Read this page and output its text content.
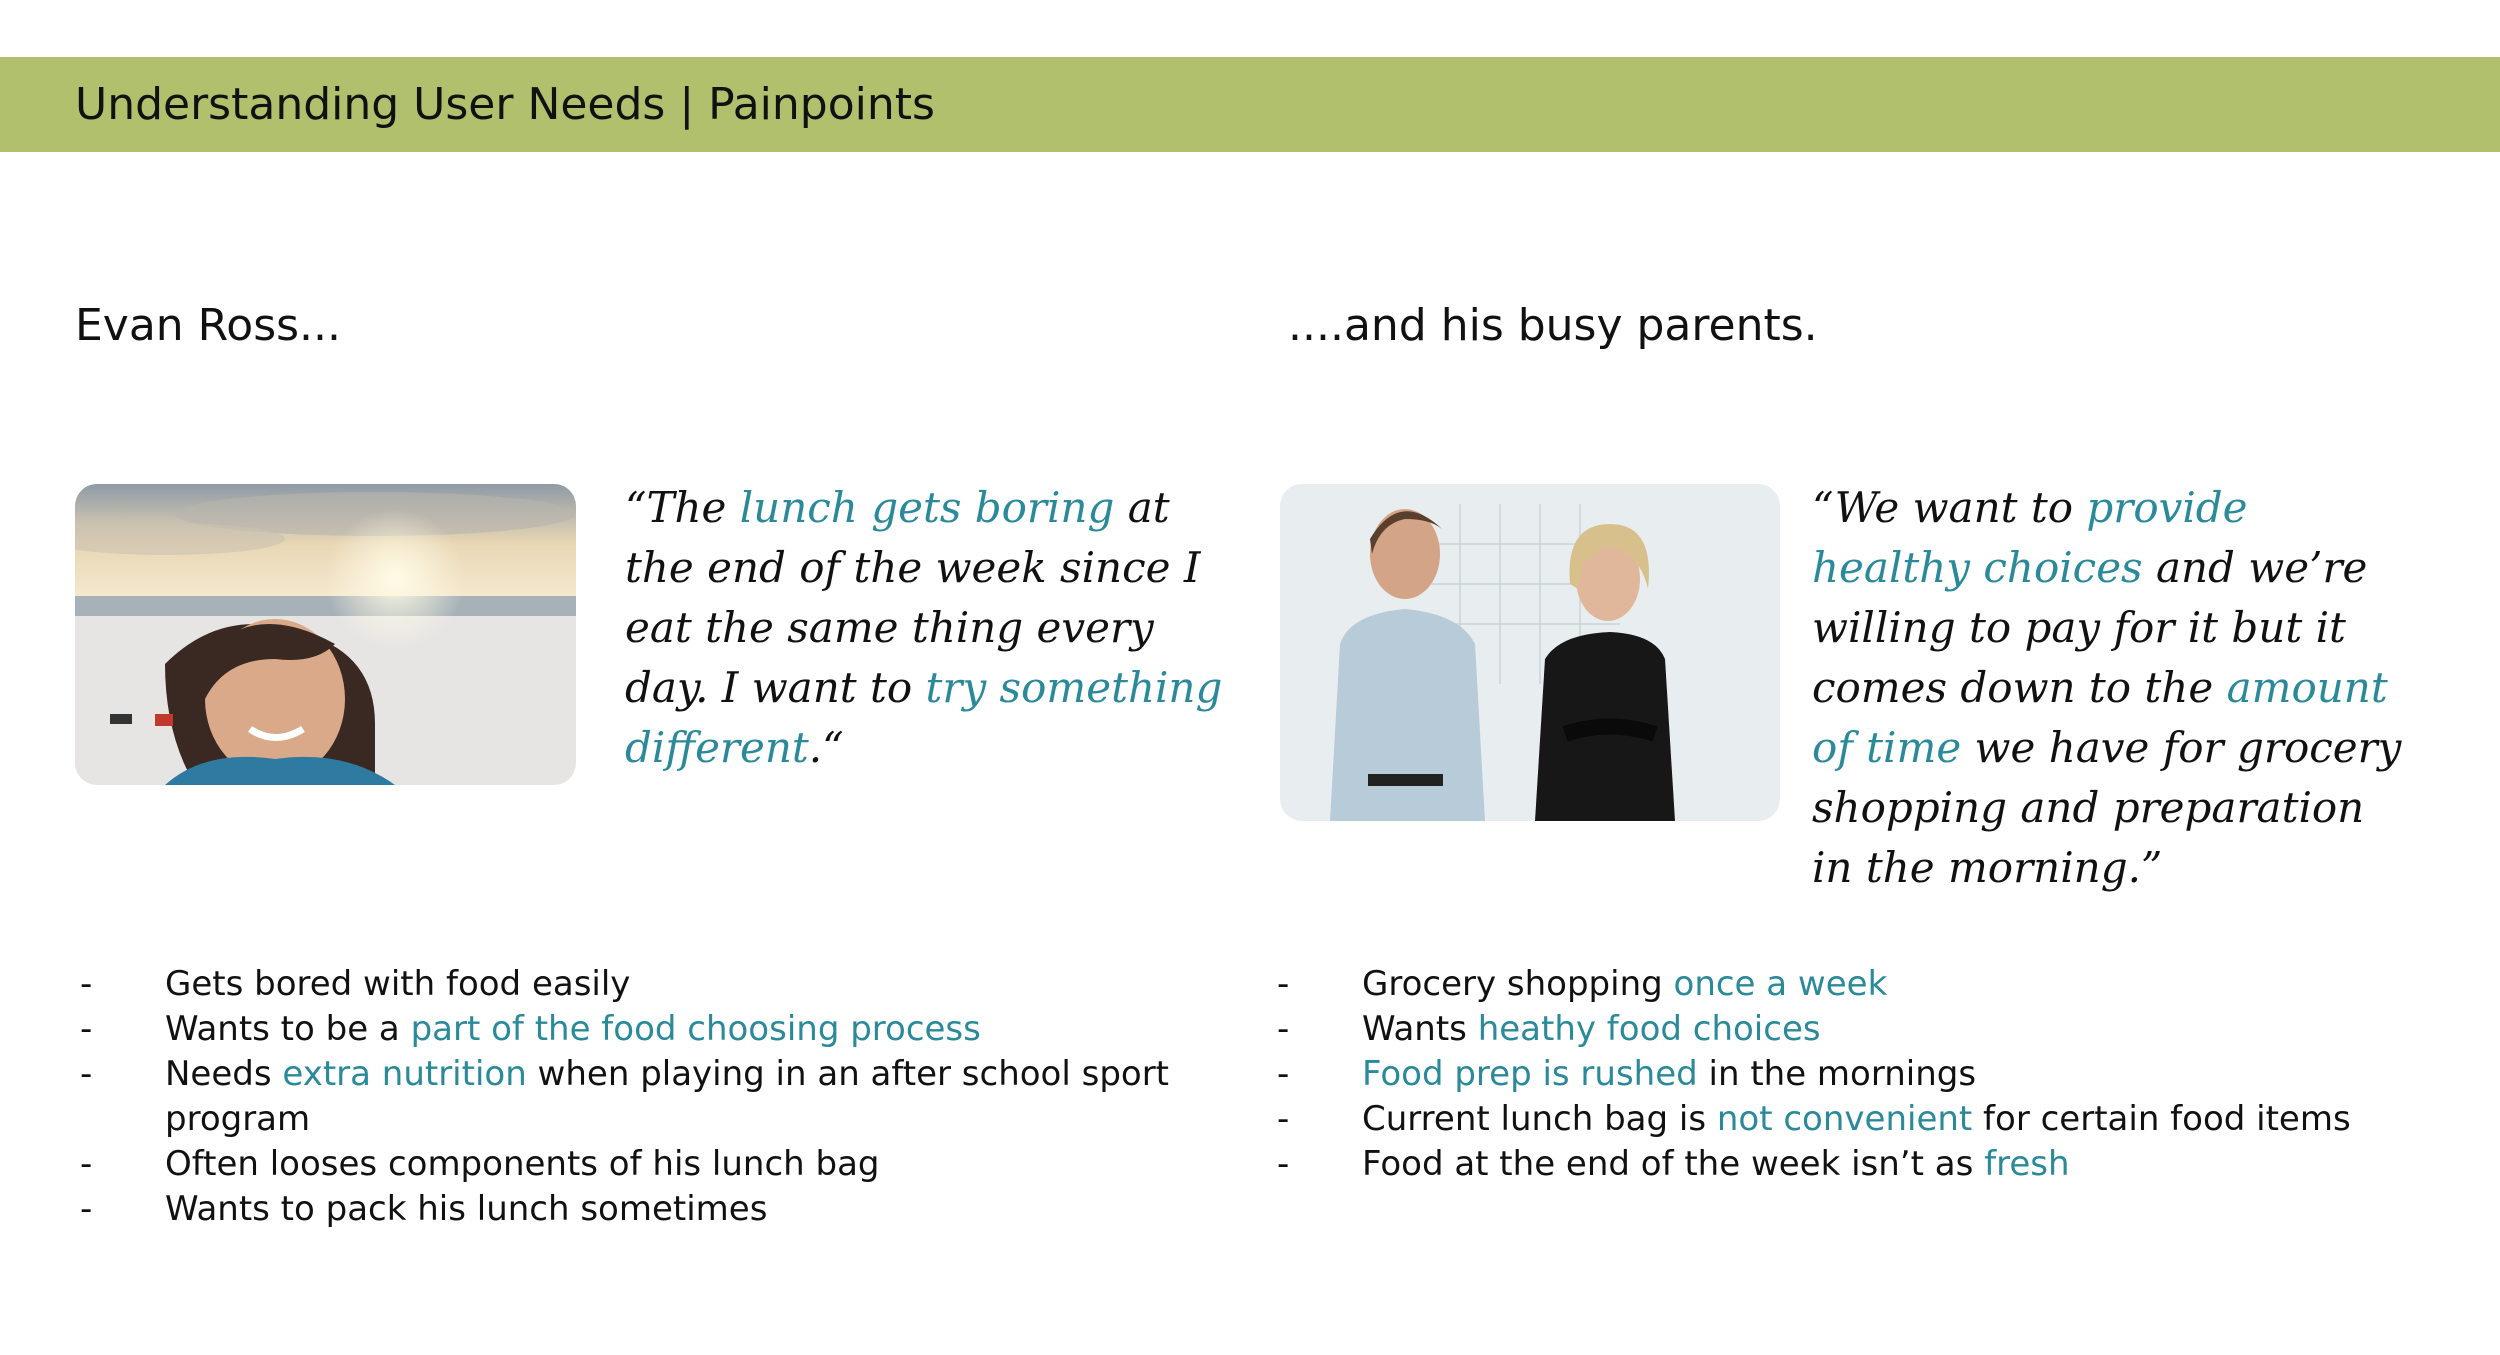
Understanding User Needs | Painpoints
Evan Ross...	....and his busy parents.

“The lunch gets boring at the end of the week since I eat the same thing every day. I want to try something different.“

“We want to provide healthy choices and we’re willing to pay for it but it comes down to the amount of time we have for grocery shopping and preparation in the morning.”

- Gets bored with food easily
- Wants to be a part of the food choosing process
- Needs extra nutrition when playing in an after school sport program
- Often looses components of his lunch bag
- Wants to pack his lunch sometimes
- Grocery shopping once a week
- Wants heathy food choices
- Food prep is rushed in the mornings
- Current lunch bag is not convenient for certain food items
- Food at the end of the week isn’t as fresh
